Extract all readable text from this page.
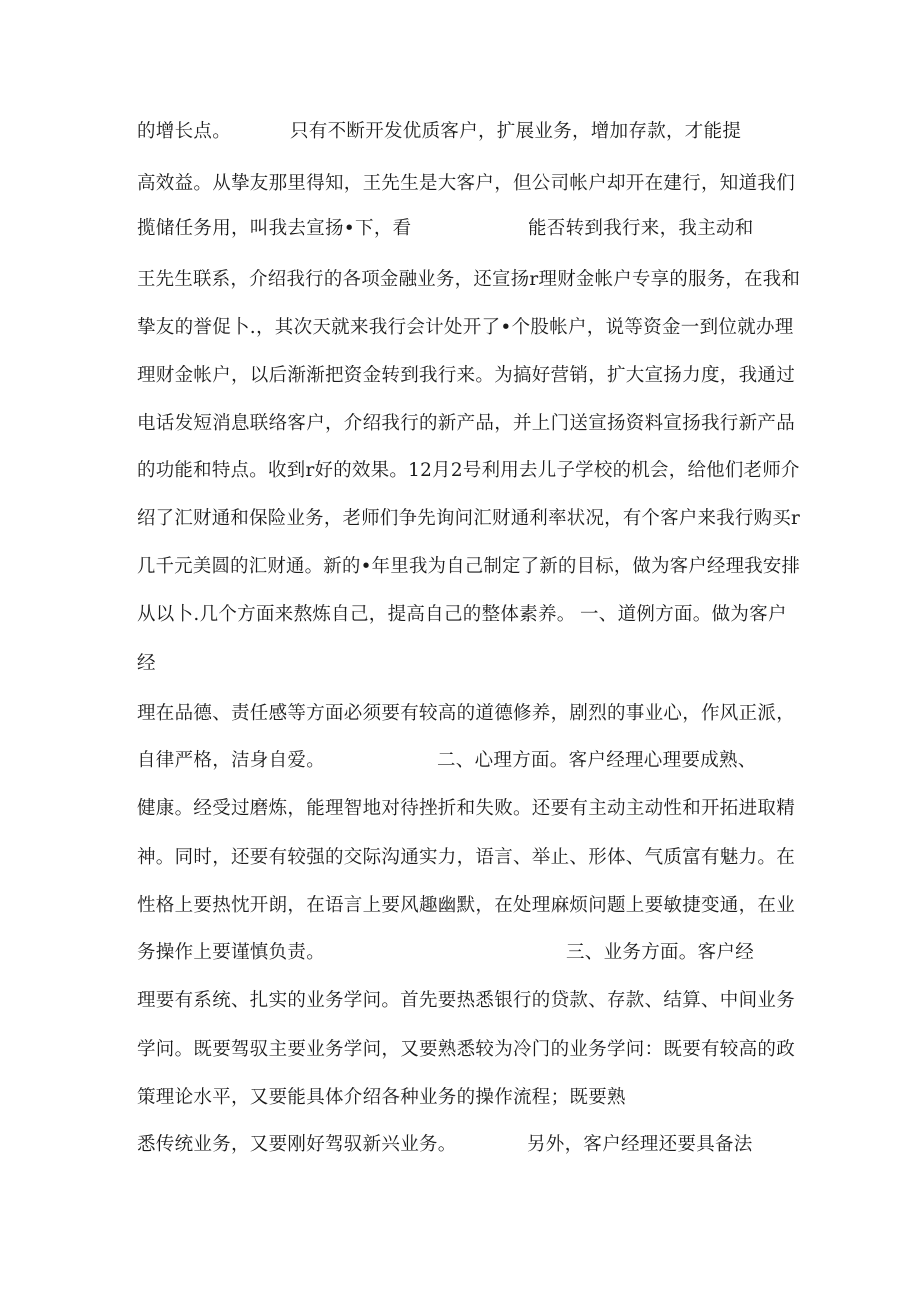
的增长点。	只有不断开发优质客户，扩展业务，增加存款，才能提
高效益。从挚友那里得知，王先生是大客户，但公司帐户却开在建行，知道我们
揽储任务用，叫我去宣扬•下，看	能否转到我行来，我主动和
王先生联系，介绍我行的各项金融业务，还宣扬r理财金帐户专享的服务，在我和
挚友的誉促卜.，其次天就来我行会计处开了•个股帐户，说等资金一到位就办理
理财金帐户，以后渐渐把资金转到我行来。为搞好营销，扩大宣扬力度，我通过
电话发短消息联络客户，介绍我行的新产品，并上门送宣扬资料宣扬我行新产品
的功能和特点。收到r好的效果。12月2号利用去儿子学校的机会，给他们老师介
绍了汇财通和保险业务，老师们争先询问汇财通利率状况，有个客户来我行购买r
几千元美圆的汇财通。新的•年里我为自己制定了新的目标，做为客户经理我安排
从以卜.几个方面来熬炼自己，提高自己的整体素养。 一、道例方面。做为客户
经
理在品德、责任感等方面必须要有较高的道德修养，剧烈的事业心，作风正派，
自律严格，洁身自爱。	二、心理方面。客户经理心理要成熟、
健康。经受过磨炼，能理智地对待挫折和失败。还要有主动主动性和开拓进取精
神。同时，还要有较强的交际沟通实力，语言、举止、形体、气质富有魅力。在
性格上要热忱开朗，在语言上要风趣幽默，在处理麻烦问题上要敏捷变通，在业
务操作上要谨慎负责。	三、业务方面。客户经
理要有系统、扎实的业务学问。首先要热悉银行的贷款、存款、结算、中间业务
学问。既要驾驭主要业务学问，又要熟悉较为冷门的业务学问：既要有较高的政
策理论水平，又要能具体介绍各种业务的操作流程；既要熟
悉传统业务，又要刚好驾驭新兴业务。	另外，客户经理还要具备法
